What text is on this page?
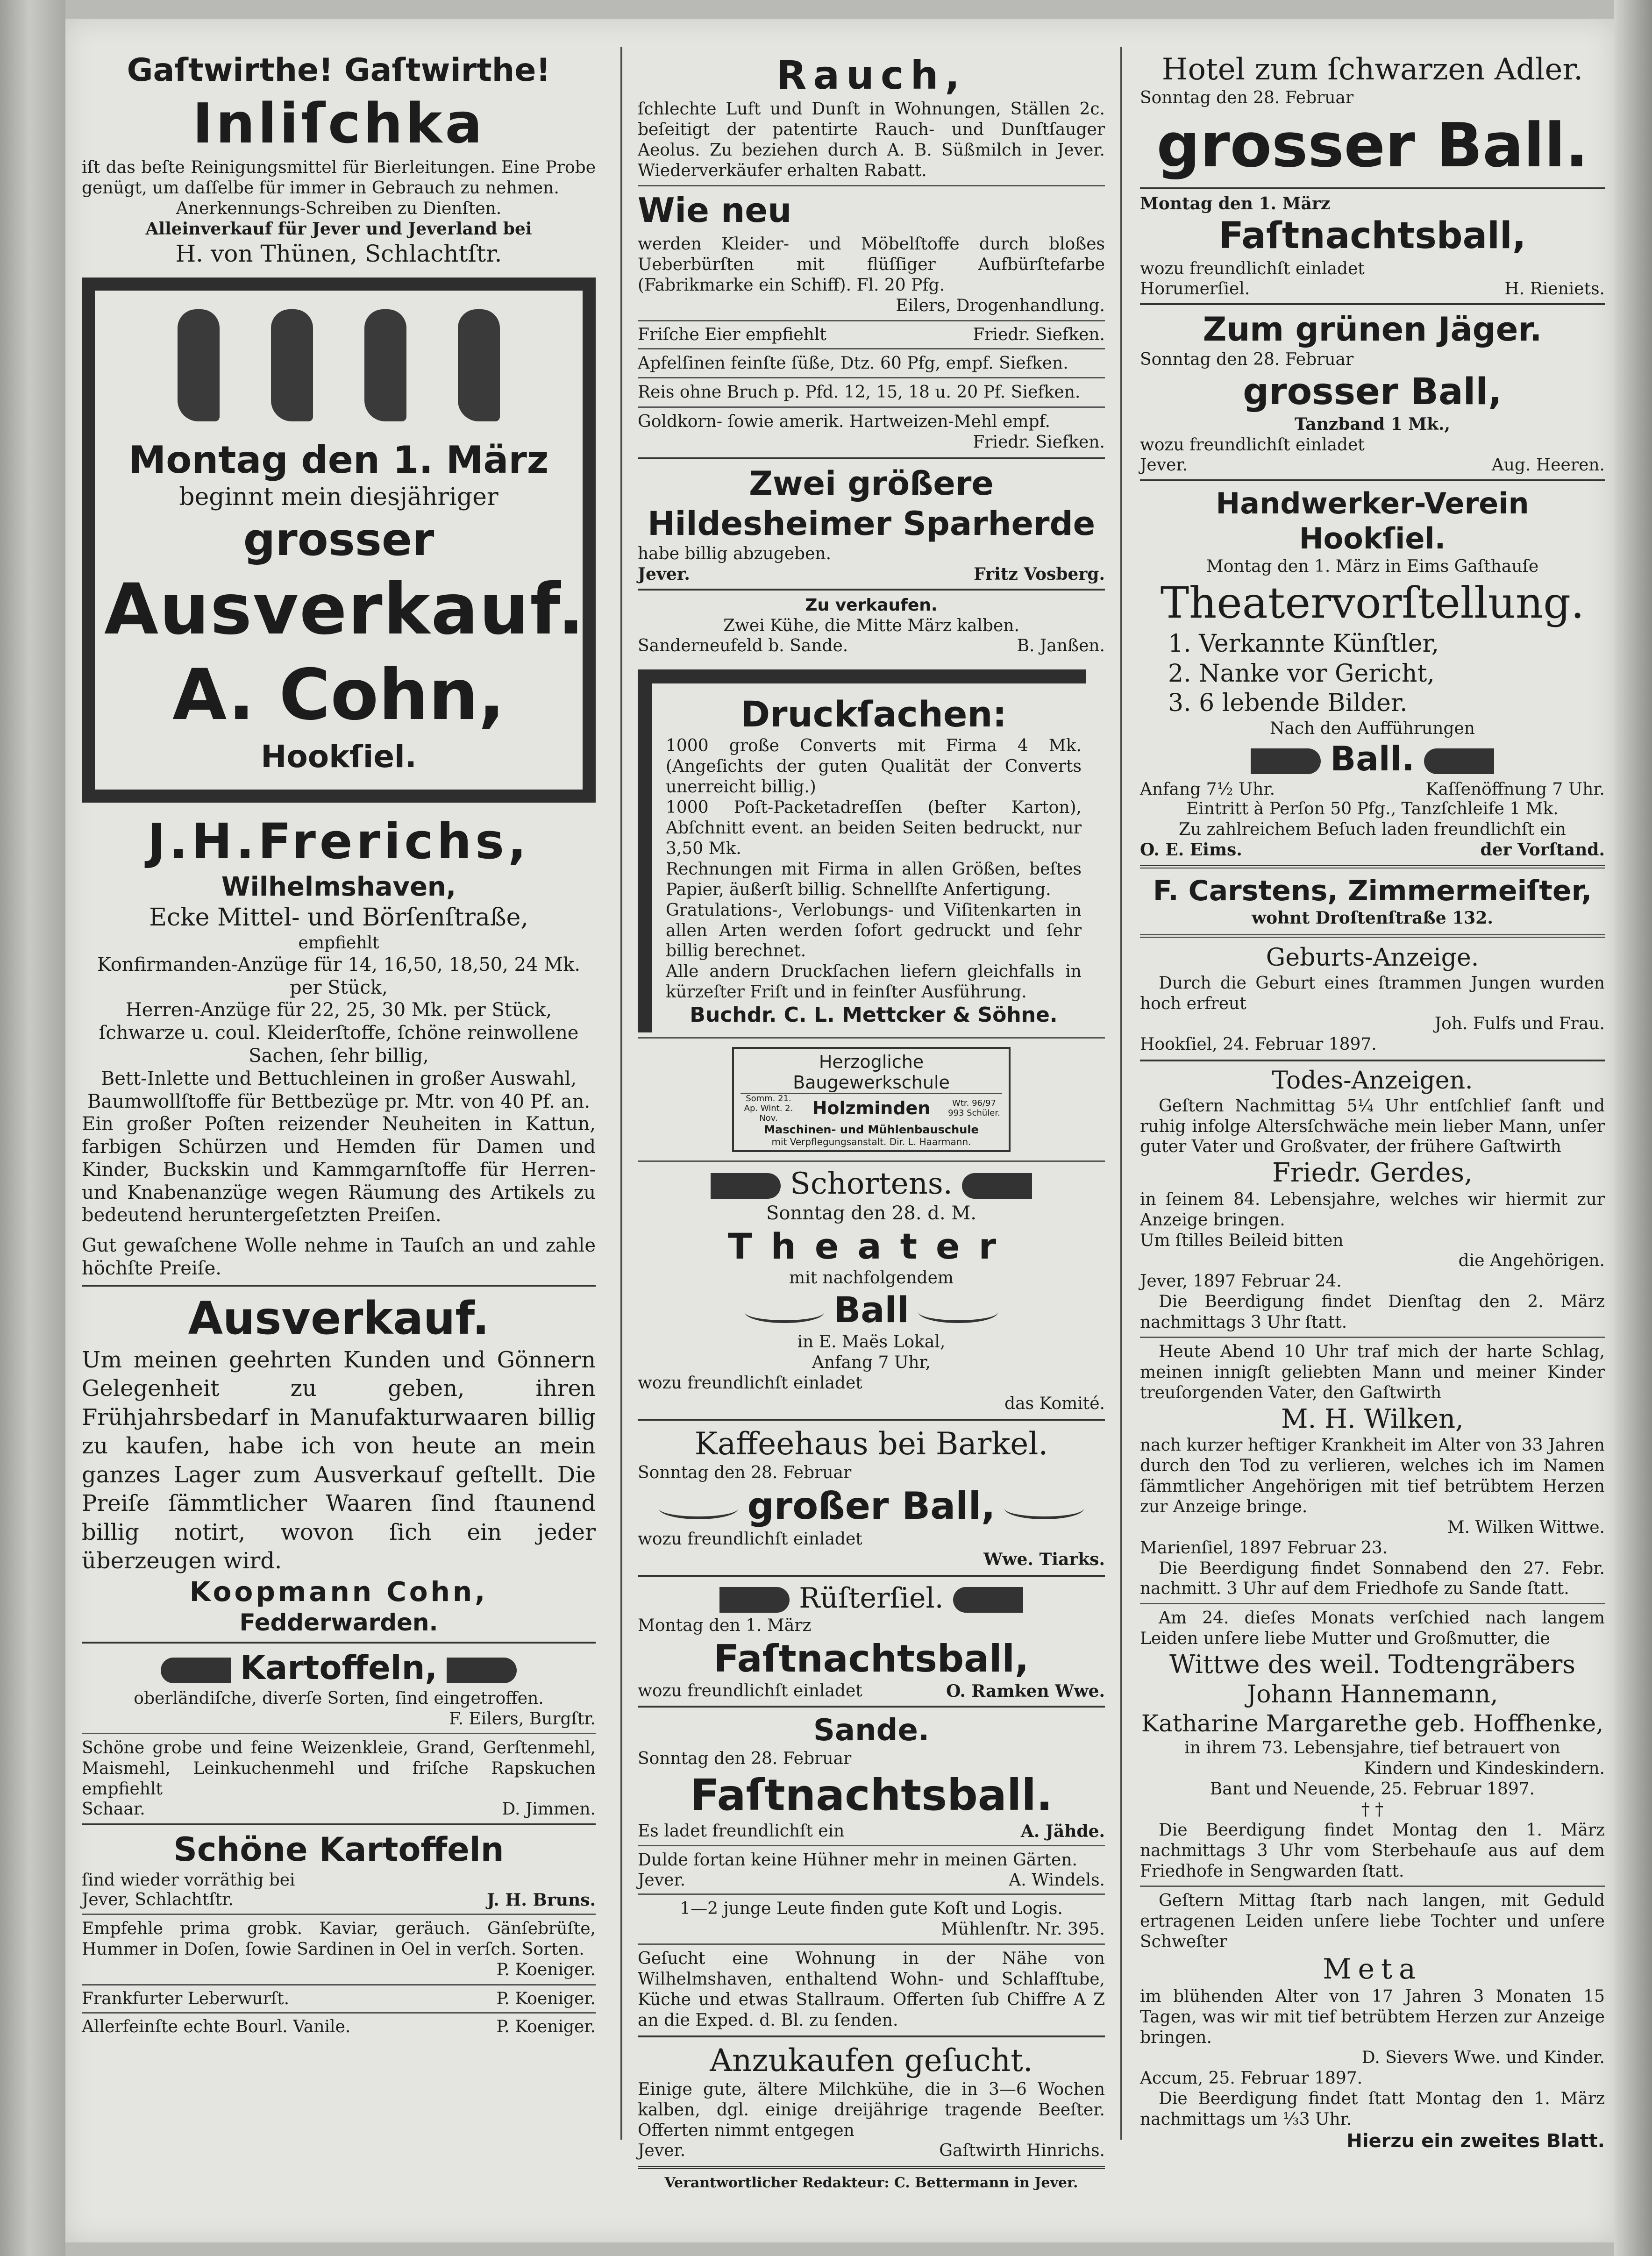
Gaſtwirthe! Gaſtwirthe!

Inliſchka

iſt das beſte Reinigungsmittel für Bierleitungen. Eine Probe genügt, um daſſelbe für immer in Gebrauch zu nehmen.

Anerkennungs-Schreiben zu Dienſten.

Alleinverkauf für Jever und Jeverland bei

H. von Thünen, Schlachtſtr.

Montag den 1. März

beginnt mein diesjähriger

grosser

Ausverkauf.

A. Cohn,

Hookſiel.

J.H.Frerichs,

Wilhelmshaven,

Ecke Mittel- und Börſenſtraße,

empfiehlt

Konfirmanden-Anzüge für 14, 16,50, 18,50, 24 Mk. per Stück,

Herren-Anzüge für 22, 25, 30 Mk. per Stück, ſchwarze u. coul. Kleiderſtoffe, ſchöne reinwollene Sachen, ſehr billig,

Bett-Inlette und Bettuchleinen in großer Auswahl,

Baumwollſtoffe für Bettbezüge pr. Mtr. von 40 Pf. an.

Ein großer Poſten reizender Neuheiten in Kattun, farbigen Schürzen und Hemden für Damen und Kinder, Buckskin und Kammgarnſtoffe für Herren- und Knabenanzüge wegen Räumung des Artikels zu bedeutend heruntergeſetzten Preiſen.

Gut gewaſchene Wolle nehme in Tauſch an und zahle höchſte Preiſe.

Ausverkauf.

Um meinen geehrten Kunden und Gönnern Gelegenheit zu geben, ihren Frühjahrsbedarf in Manufakturwaaren billig zu kaufen, habe ich von heute an mein ganzes Lager zum Ausverkauf geſtellt. Die Preiſe ſämmtlicher Waaren ſind ſtaunend billig notirt, wovon ſich ein jeder überzeugen wird.

Koopmann Cohn,

Fedderwarden.

Kartoffeln,

oberländiſche, diverſe Sorten, ſind eingetroffen.

F. Eilers, Burgſtr.

Schöne grobe und feine Weizenkleie, Grand, Gerſtenmehl, Maismehl, Leinkuchenmehl und friſche Rapskuchen empfiehlt

Schaar.	D. Jimmen.

Schöne Kartoffeln

ſind wieder vorräthig bei

Jever, Schlachtſtr.	J. H. Bruns.

Empfehle prima grobk. Kaviar, geräuch. Gänſebrüſte, Hummer in Doſen, ſowie Sardinen in Oel in verſch. Sorten.

P. Koeniger.

Frankfurter Leberwurſt.	P. Koeniger.
Allerfeinſte echte Bourl. Vanile.	P. Koeniger.

Rauch,

ſchlechte Luft und Dunſt in Wohnungen, Ställen 2c. beſeitigt der patentirte Rauch- und Dunſtſauger Aeolus. Zu beziehen durch A. B. Süßmilch in Jever. Wiederverkäufer erhalten Rabatt.

Wie neu

werden Kleider- und Möbelſtoffe durch bloßes Ueberbürſten mit flüſſiger Aufbürſtefarbe (Fabrikmarke ein Schiff). Fl. 20 Pfg.

Eilers, Drogenhandlung.

Friſche Eier empfiehlt	Friedr. Siefken.

Apfelſinen feinſte ſüße, Dtz. 60 Pfg, empf. Siefken.

Reis ohne Bruch p. Pfd. 12, 15, 18 u. 20 Pf. Siefken.

Goldkorn- ſowie amerik. Hartweizen-Mehl empf.

Friedr. Siefken.

Zwei größere Hildesheimer Sparherde

habe billig abzugeben.

Jever.	Fritz Vosberg.

Zu verkaufen.

Zwei Kühe, die Mitte März kalben.

Sanderneufeld b. Sande.	B. Janßen.

Druckſachen:

1000 große Converts mit Firma 4 Mk. (Angeſichts der guten Qualität der Converts unerreicht billig.)

1000 Poſt-Packetadreſſen (beſter Karton), Abſchnitt event. an beiden Seiten bedruckt, nur 3,50 Mk.

Rechnungen mit Firma in allen Größen, beſtes Papier, äußerſt billig. Schnellſte Anfertigung.

Gratulations-, Verlobungs- und Viſitenkarten in allen Arten werden ſofort gedruckt und ſehr billig berechnet.

Alle andern Druckſachen liefern gleichfalls in kürzeſter Friſt und in feinſter Ausführung.

Buchdr. C. L. Mettcker & Söhne.

Herzogliche Baugewerkschule
Somm. 21. Ap. Wint. 2. Nov.	Holzminden	Wtr. 96/97 993 Schüler.
Maschinen- und Mühlenbauschule
mit Verpflegungsanstalt. Dir. L. Haarmann.

Schortens.

Sonntag den 28. d. M.

Theater

mit nachfolgendem

Ball

in E. Maës Lokal,

Anfang 7 Uhr,

wozu freundlichſt einladet

das Komité.

Kaffeehaus bei Barkel.

Sonntag den 28. Februar

großer Ball,

wozu freundlichſt einladet

Wwe. Tiarks.

Rüſterſiel.

Montag den 1. März

Faſtnachtsball,

wozu freundlichſt einladet	O. Ramken Wwe.

Sande.

Sonntag den 28. Februar

Faſtnachtsball.

Es ladet freundlichſt ein	A. Jähde.

Dulde fortan keine Hühner mehr in meinen Gärten.

Jever.	A. Windels.

1—2 junge Leute finden gute Koſt und Logis.

Mühlenſtr. Nr. 395.

Geſucht eine Wohnung in der Nähe von Wilhelmshaven, enthaltend Wohn- und Schlafſtube, Küche und etwas Stallraum. Offerten ſub Chiffre A Z an die Exped. d. Bl. zu ſenden.

Anzukaufen geſucht.

Einige gute, ältere Milchkühe, die in 3—6 Wochen kalben, dgl. einige dreijährige tragende Beeſter. Offerten nimmt entgegen

Jever.	Gaſtwirth Hinrichs.

Verantwortlicher Redakteur: C. Bettermann in Jever.

Hotel zum ſchwarzen Adler.

Sonntag den 28. Februar

grosser Ball.

Montag den 1. März

Faſtnachtsball,

wozu freundlichſt einladet

Horumerſiel.	H. Rieniets.

Zum grünen Jäger.

Sonntag den 28. Februar

grosser Ball,

Tanzband 1 Mk.,

wozu freundlichſt einladet

Jever.	Aug. Heeren.

Handwerker-Verein Hookſiel.

Montag den 1. März in Eims Gaſthauſe

Theatervorſtellung.

1. Verkannte Künſtler,

2. Nanke vor Gericht,

3. 6 lebende Bilder.

Nach den Aufführungen

Ball.

Anfang 7½ Uhr.	Kaſſenöffnung 7 Uhr.

Eintritt à Perſon 50 Pfg., Tanzſchleife 1 Mk.

Zu zahlreichem Beſuch laden freundlichſt ein

O. E. Eims.	der Vorſtand.

F. Carstens, Zimmermeiſter,

wohnt Droſtenſtraße 132.

Geburts-Anzeige.

Durch die Geburt eines ſtrammen Jungen wurden hoch erfreut

Joh. Fulfs und Frau.

Hookſiel, 24. Februar 1897.

Todes-Anzeigen.

Geſtern Nachmittag 5¼ Uhr entſchlief ſanft und ruhig infolge Altersſchwäche mein lieber Mann, unſer guter Vater und Großvater, der frühere Gaſtwirth

Friedr. Gerdes,

in ſeinem 84. Lebensjahre, welches wir hiermit zur Anzeige bringen.

Um ſtilles Beileid bitten

die Angehörigen.

Jever, 1897 Februar 24.

Die Beerdigung findet Dienſtag den 2. März nachmittags 3 Uhr ſtatt.

Heute Abend 10 Uhr traf mich der harte Schlag, meinen innigſt geliebten Mann und meiner Kinder treuſorgenden Vater, den Gaſtwirth

M. H. Wilken,

nach kurzer heftiger Krankheit im Alter von 33 Jahren durch den Tod zu verlieren, welches ich im Namen ſämmtlicher Angehörigen mit tief betrübtem Herzen zur Anzeige bringe.

M. Wilken Wittwe.

Marienſiel, 1897 Februar 23.

Die Beerdigung findet Sonnabend den 27. Febr. nachmitt. 3 Uhr auf dem Friedhofe zu Sande ſtatt.

Am 24. dieſes Monats verſchied nach langem Leiden unſere liebe Mutter und Großmutter, die

Wittwe des weil. Todtengräbers

Johann Hannemann,

Katharine Margarethe geb. Hoffhenke,

in ihrem 73. Lebensjahre, tief betrauert von

Kindern und Kindeskindern.

Bant und Neuende, 25. Februar 1897.

† †

Die Beerdigung findet Montag den 1. März nachmittags 3 Uhr vom Sterbehauſe aus auf dem Friedhofe in Sengwarden ſtatt.

Geſtern Mittag ſtarb nach langen, mit Geduld ertragenen Leiden unſere liebe Tochter und unſere Schweſter

Meta

im blühenden Alter von 17 Jahren 3 Monaten 15 Tagen, was wir mit tief betrübtem Herzen zur Anzeige bringen.

D. Sievers Wwe. und Kinder.

Accum, 25. Februar 1897.

Die Beerdigung findet ſtatt Montag den 1. März nachmittags um ⅓3 Uhr.

Hierzu ein zweites Blatt.
